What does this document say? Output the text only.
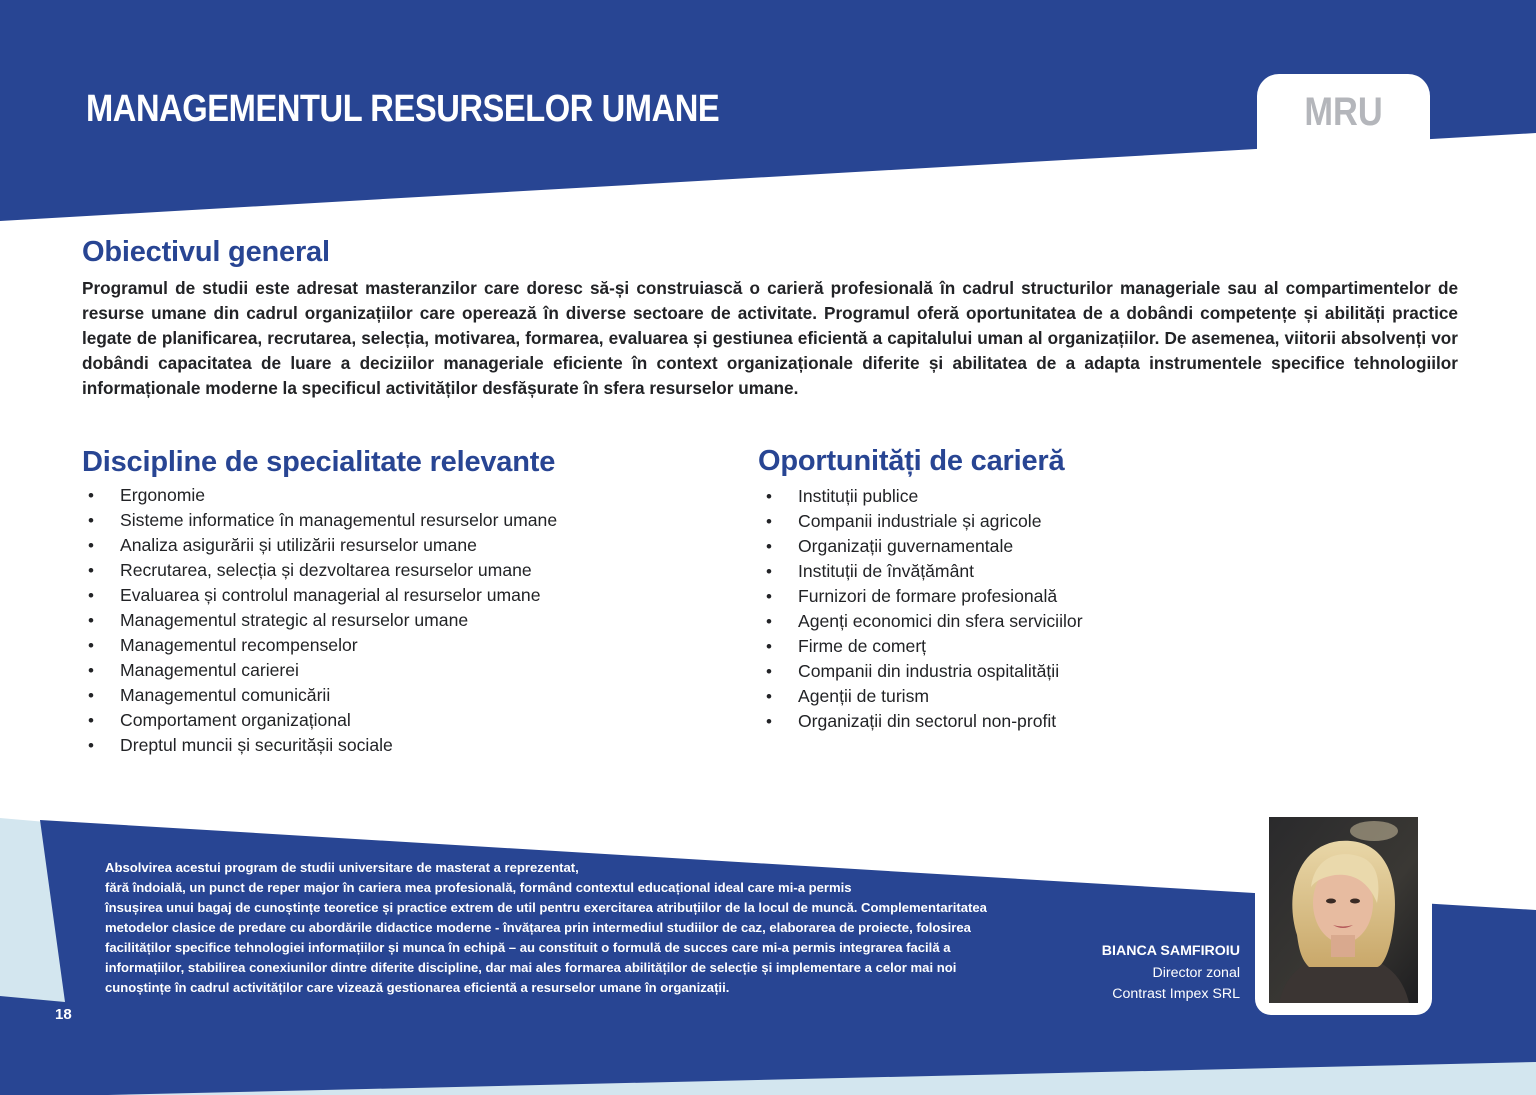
MANAGEMENTUL RESURSELOR UMANE	MRU
Obiectivul general

Programul de studii este adresat masteranzilor care doresc să-și construiască o carieră profesională în cadrul structurilor manageriale sau al compartimentelor de resurse umane din cadrul organizațiilor care operează în diverse sectoare de activitate. Programul oferă oportunitatea de a dobândi competențe și abilități practice legate de planificarea, recrutarea, selecția, motivarea, formarea, evaluarea și gestiunea eficientă a capitalului uman al organizațiilor. De asemenea, viitorii absolvenți vor dobândi capacitatea de luare a deciziilor manageriale eficiente în context organizaționale diferite și abilitatea de a adapta instrumentele specifice tehnologiilor informaționale moderne la specificul activităților desfășurate în sfera resurselor umane.

Discipline de specialitate relevante
• Ergonomie
• Sisteme informatice în managementul resurselor umane
• Analiza asigurării și utilizării resurselor umane
• Recrutarea, selecția și dezvoltarea resurselor umane
• Evaluarea și controlul managerial al resurselor umane
• Managementul strategic al resurselor umane
• Managementul recompenselor
• Managementul carierei
• Managementul comunicării
• Comportament organizațional
• Dreptul muncii și securitășii sociale
Oportunități de carieră
• Instituții publice
• Companii industriale și agricole
• Organizații guvernamentale
• Instituții de învățământ
• Furnizori de formare profesională
• Agenți economici din sfera serviciilor
• Firme de comerț
• Companii din industria ospitalității
• Agenții de turism
• Organizații din sectorul non-profit
Absolvirea acestui program de studii universitare de masterat a reprezentat,
fără îndoială, un punct de reper major în cariera mea profesională, formând contextul educațional ideal care mi-a permis
însușirea unui bagaj de cunoștințe teoretice și practice extrem de util pentru exercitarea atribuțiilor de la locul de muncă. Complementaritatea
metodelor clasice de predare cu abordările didactice moderne - învățarea prin intermediul studiilor de caz, elaborarea de proiecte, folosirea
facilităților specifice tehnologiei informațiilor și munca în echipă – au constituit o formulă de succes care mi-a permis integrarea facilă a
informațiilor, stabilirea conexiunilor dintre diferite discipline, dar mai ales formarea abilităților de selecție și implementare a celor mai noi
cunoștințe în cadrul activităților care vizează gestionarea eficientă a resurselor umane în organizații.
BIANCA SAMFIROIU
Director zonal
Contrast Impex SRL
18
